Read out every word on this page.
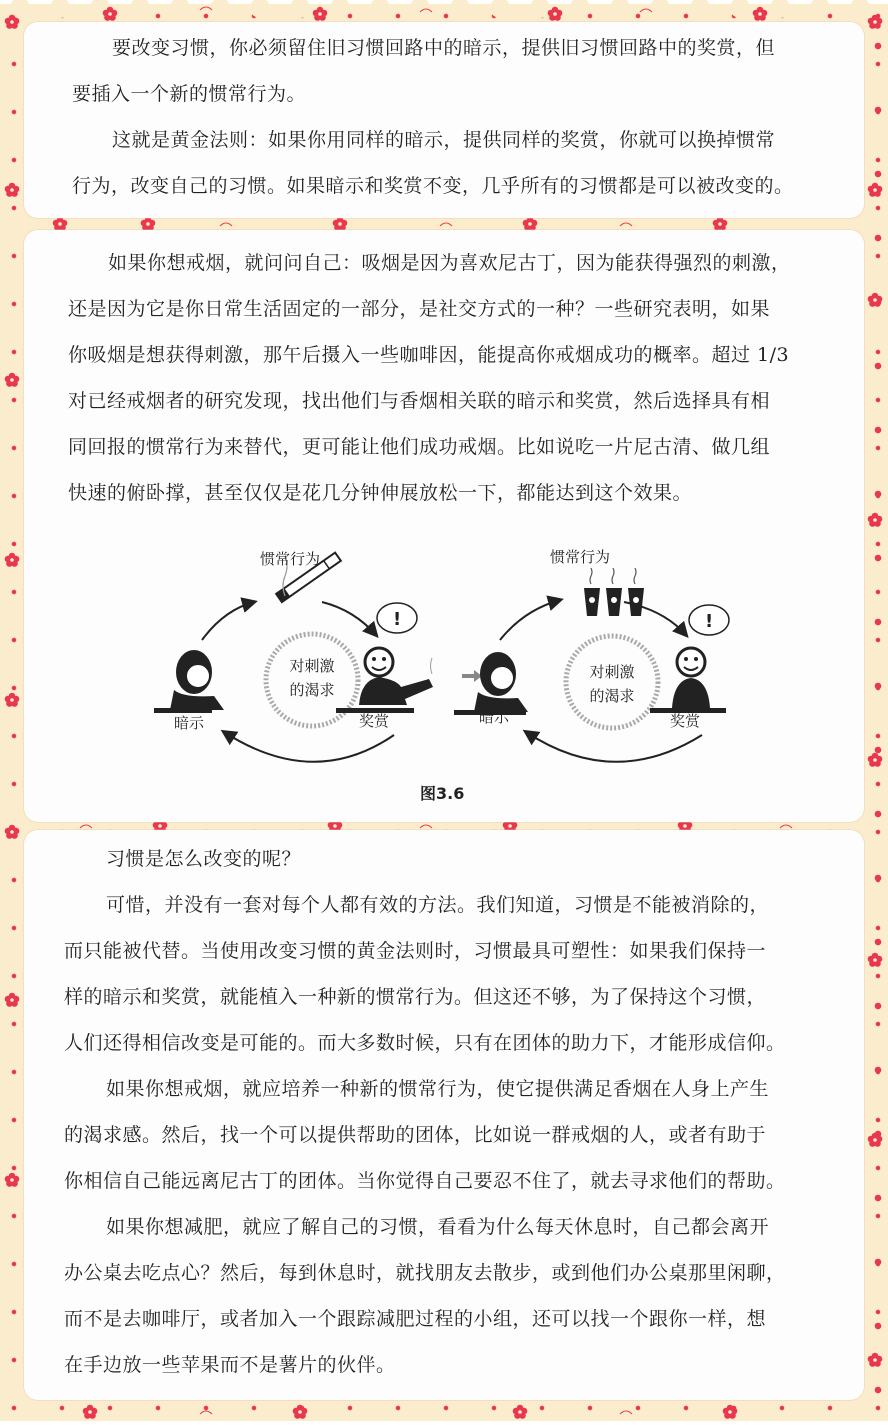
要改变习惯，你必须留住旧习惯回路中的暗示，提供旧习惯回路中的奖赏，但
要插入一个新的惯常行为。
这就是黄金法则：如果你用同样的暗示，提供同样的奖赏，你就可以换掉惯常
行为，改变自己的习惯。如果暗示和奖赏不变，几乎所有的习惯都是可以被改变的。
如果你想戒烟，就问问自己：吸烟是因为喜欢尼古丁，因为能获得强烈的刺激，
还是因为它是你日常生活固定的一部分，是社交方式的一种？一些研究表明，如果
你吸烟是想获得刺激，那午后摄入一些咖啡因，能提高你戒烟成功的概率。超过 1/3
对已经戒烟者的研究发现，找出他们与香烟相关联的暗示和奖赏，然后选择具有相
同回报的惯常行为来替代，更可能让他们成功戒烟。比如说吃一片尼古清、做几组
快速的俯卧撑，甚至仅仅是花几分钟伸展放松一下，都能达到这个效果。
!	!
惯常行为
暗示	奖赏
对刺激
的渴求
惯常行为
暗示	奖赏
对刺激
的渴求
图3.6
习惯是怎么改变的呢？
可惜，并没有一套对每个人都有效的方法。我们知道，习惯是不能被消除的，
而只能被代替。当使用改变习惯的黄金法则时，习惯最具可塑性：如果我们保持一
样的暗示和奖赏，就能植入一种新的惯常行为。但这还不够，为了保持这个习惯，
人们还得相信改变是可能的。而大多数时候，只有在团体的助力下，才能形成信仰。
如果你想戒烟，就应培养一种新的惯常行为，使它提供满足香烟在人身上产生
的渴求感。然后，找一个可以提供帮助的团体，比如说一群戒烟的人，或者有助于
你相信自己能远离尼古丁的团体。当你觉得自己要忍不住了，就去寻求他们的帮助。
如果你想减肥，就应了解自己的习惯，看看为什么每天休息时，自己都会离开
办公桌去吃点心？然后，每到休息时，就找朋友去散步，或到他们办公桌那里闲聊，
而不是去咖啡厅，或者加入一个跟踪减肥过程的小组，还可以找一个跟你一样，想
在手边放一些苹果而不是薯片的伙伴。
